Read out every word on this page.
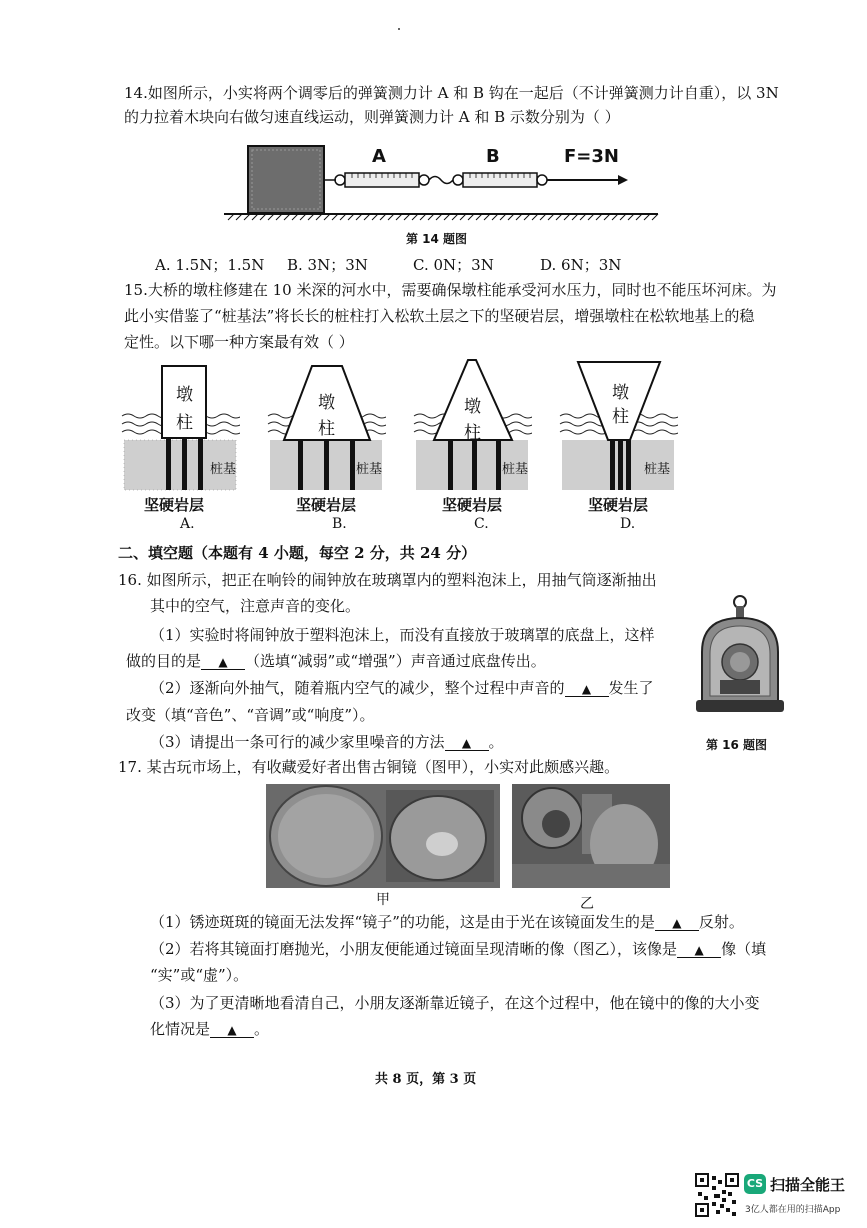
14.如图所示，小实将两个调零后的弹簧测力计 A 和 B 钩在一起后（不计弹簧测力计自重），以 3N
的力拉着木块向右做匀速直线运动，则弹簧测力计 A 和 B 示数分别为（ ）
A	B	F=3N
第 14 题图
A. 1.5N；1.5N B. 3N；3N	C. 0N；3N	D. 6N；3N
15.大桥的墩柱修建在 10 米深的河水中，需要确保墩柱能承受河水压力，同时也不能压坏河床。为
此小实借鉴了“桩基法”将长长的桩柱打入松软土层之下的坚硬岩层，增强墩柱在松软地基上的稳
定性。以下哪一种方案最有效（ ）
墩
柱
桩基
坚硬岩层
A.
墩
柱
桩基
坚硬岩层
B.
墩
柱
桩基
坚硬岩层
C.
墩
柱
桩基
坚硬岩层
D.
二、填空题（本题有 4 小题，每空 2 分，共 24 分）
16. 如图所示，把正在响铃的闹钟放在玻璃罩内的塑料泡沫上，用抽气筒逐渐抽出
其中的空气，注意声音的变化。
（1）实验时将闹钟放于塑料泡沫上，而没有直接放于玻璃罩的底盘上，这样
做的目的是 ▲ （选填“减弱”或“增强”）声音通过底盘传出。
（2）逐渐向外抽气，随着瓶内空气的减少，整个过程中声音的 ▲ 发生了
改变（填“音色”、“音调”或“响度”）。
（3）请提出一条可行的减少家里噪音的方法 ▲ 。	第 16 题图
17. 某古玩市场上，有收藏爱好者出售古铜镜（图甲），小实对此颇感兴趣。
甲	乙
（1）锈迹斑斑的镜面无法发挥“镜子”的功能，这是由于光在该镜面发生的是 ▲ 反射。
（2）若将其镜面打磨抛光，小朋友便能通过镜面呈现清晰的像（图乙），该像是 ▲ 像（填
“实”或“虚”）。
（3）为了更清晰地看清自己，小朋友逐渐靠近镜子，在这个过程中，他在镜中的像的大小变
化情况是 ▲ 。
共 8 页，第 3 页
CS 扫描全能王
3亿人都在用的扫描App
